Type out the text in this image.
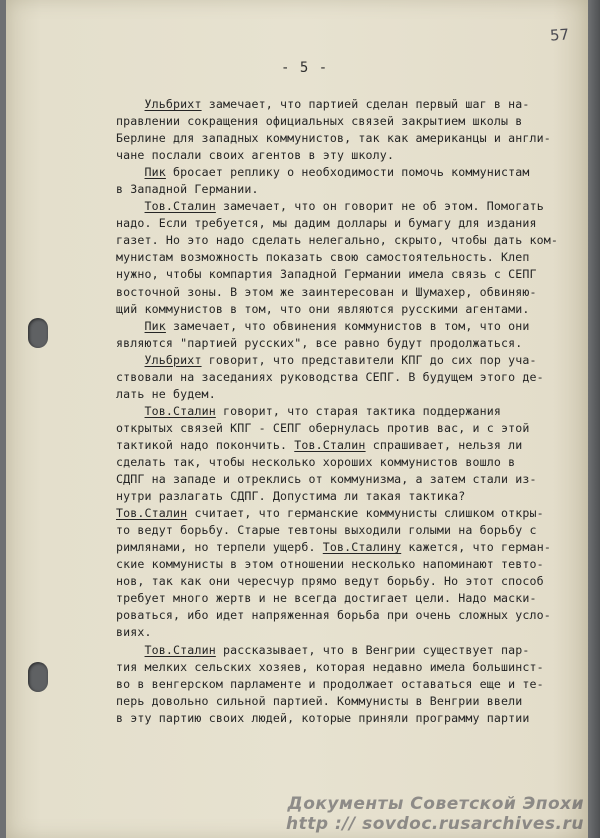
57
- 5 -
Ульбрихт замечает, что партией сделан первый шаг в на-
правлении сокращения официальных связей закрытием школы в
Берлине для западных коммунистов, так как американцы и англи-
чане послали своих агентов в эту школу.
Пик бросает реплику о необходимости помочь коммунистам
в Западной Германии.
Тов.Сталин замечает, что он говорит не об этом. Помогать
надо. Если требуется, мы дадим доллары и бумагу для издания
газет. Но это надо сделать нелегально, скрыто, чтобы дать ком-
мунистам возможность показать свою самостоятельность. Клеп
нужно, чтобы компартия Западной Германии имела связь с СЕПГ
восточной зоны. В этом же заинтересован и Шумахер, обвиняю-
щий коммунистов в том, что они являются русскими агентами.
Пик замечает, что обвинения коммунистов в том, что они
являются "партией русских", все равно будут продолжаться.
Ульбрихт говорит, что представители КПГ до сих пор уча-
ствовали на заседаниях руководства СЕПГ. В будущем этого де-
лать не будем.
Тов.Сталин говорит, что старая тактика поддержания
открытых связей КПГ - СЕПГ обернулась против вас, и с этой
тактикой надо покончить. Тов.Сталин спрашивает, нельзя ли
сделать так, чтобы несколько хороших коммунистов вошло в
СДПГ на западе и отреклись от коммунизма, а затем стали из-
нутри разлагать СДПГ. Допустима ли такая тактика?
Тов.Сталин считает, что германские коммунисты слишком откры-
то ведут борьбу. Старые тевтоны выходили голыми на борьбу с
римлянами, но терпели ущерб. Тов.Сталину кажется, что герман-
ские коммунисты в этом отношении несколько напоминают тевто-
нов, так как они чересчур прямо ведут борьбу. Но этот способ
требует много жертв и не всегда достигает цели. Надо маски-
роваться, ибо идет напряженная борьба при очень сложных усло-
виях.
Тов.Сталин рассказывает, что в Венгрии существует пар-
тия мелких сельских хозяев, которая недавно имела большинст-
во в венгерском парламенте и продолжает оставаться еще и те-
перь довольно сильной партией. Коммунисты в Венгрии ввели
в эту партию своих людей, которые приняли программу партии
Документы Советской Эпохи
http :// sovdoc.rusarchives.ru
